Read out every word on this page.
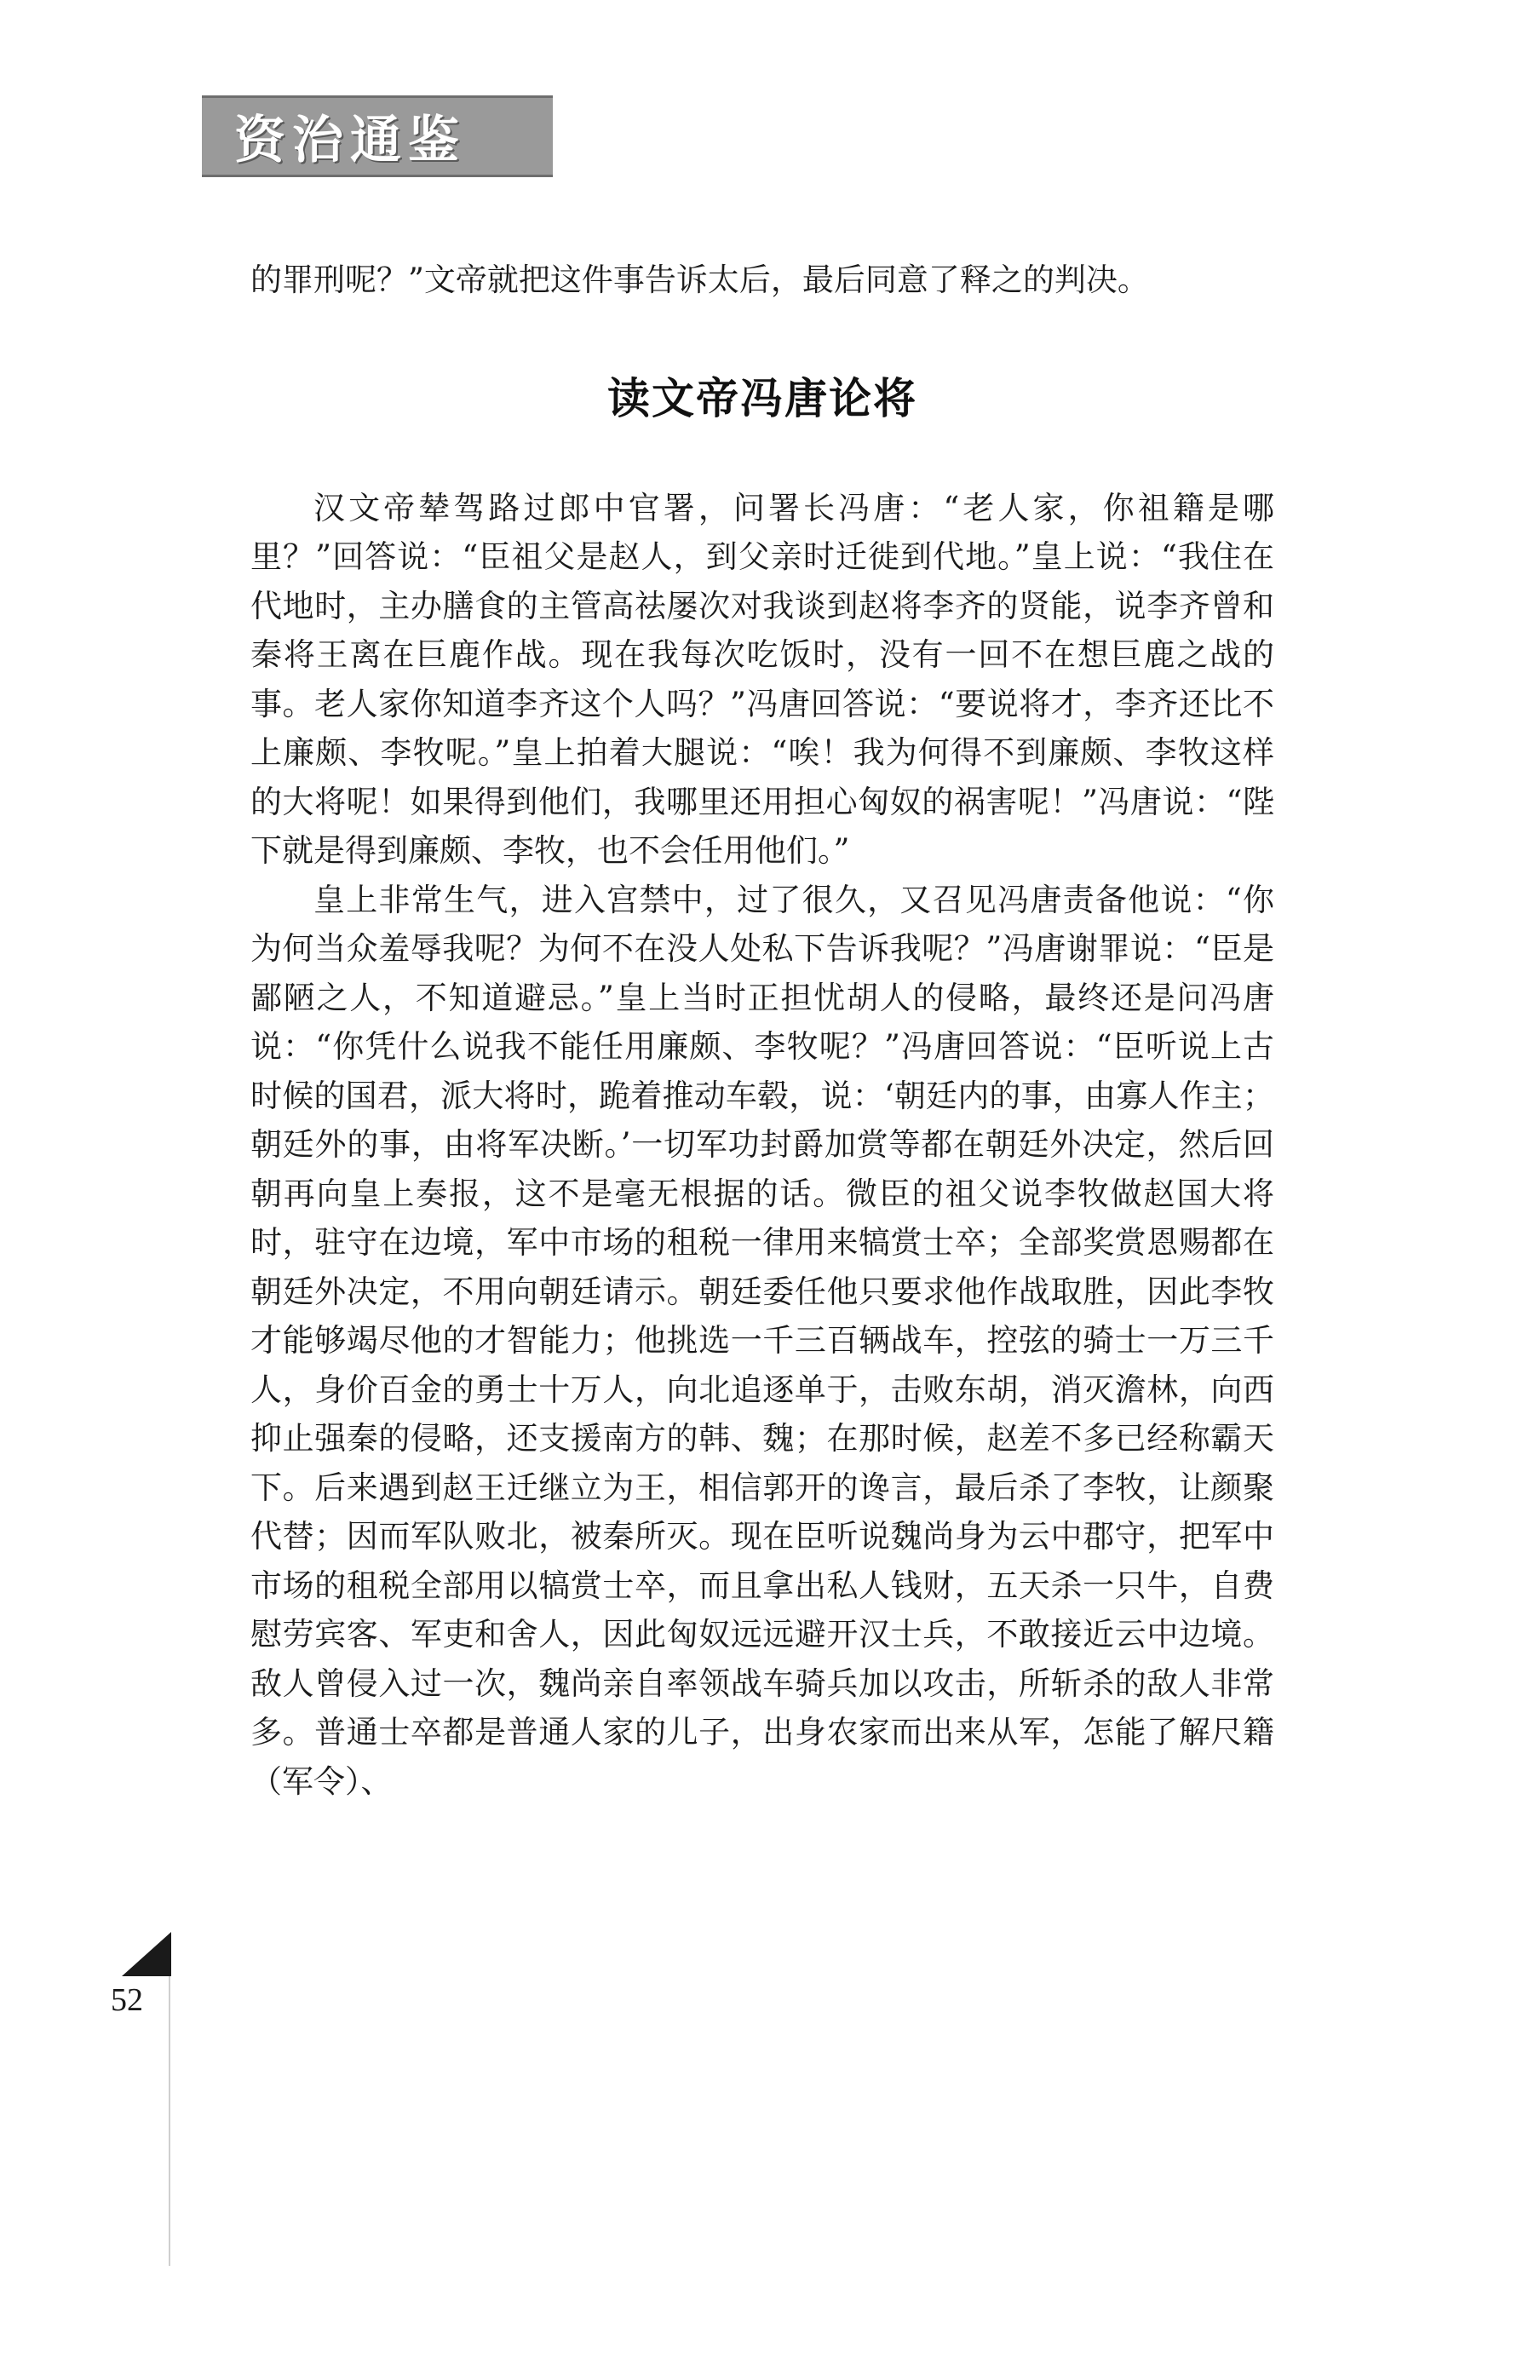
资治通鉴

的罪刑呢？”文帝就把这件事告诉太后，最后同意了释之的判决。

读文帝冯唐论将

汉文帝辇驾路过郎中官署，问署长冯唐：“老人家，你祖籍是哪里？”回答说：“臣祖父是赵人，到父亲时迁徙到代地。”皇上说：“我住在代地时，主办膳食的主管高祛屡次对我谈到赵将李齐的贤能，说李齐曾和秦将王离在巨鹿作战。现在我每次吃饭时，没有一回不在想巨鹿之战的事。老人家你知道李齐这个人吗？”冯唐回答说：“要说将才，李齐还比不上廉颇、李牧呢。”皇上拍着大腿说：“唉！我为何得不到廉颇、李牧这样的大将呢！如果得到他们，我哪里还用担心匈奴的祸害呢！”冯唐说：“陛下就是得到廉颇、李牧，也不会任用他们。”

皇上非常生气，进入宫禁中，过了很久，又召见冯唐责备他说：“你为何当众羞辱我呢？为何不在没人处私下告诉我呢？”冯唐谢罪说：“臣是鄙陋之人，不知道避忌。”皇上当时正担忧胡人的侵略，最终还是问冯唐说：“你凭什么说我不能任用廉颇、李牧呢？”冯唐回答说：“臣听说上古时候的国君，派大将时，跪着推动车毂，说：‘朝廷内的事，由寡人作主；朝廷外的事，由将军决断。’一切军功封爵加赏等都在朝廷外决定，然后回朝再向皇上奏报，这不是毫无根据的话。微臣的祖父说李牧做赵国大将时，驻守在边境，军中市场的租税一律用来犒赏士卒；全部奖赏恩赐都在朝廷外决定，不用向朝廷请示。朝廷委任他只要求他作战取胜，因此李牧才能够竭尽他的才智能力；他挑选一千三百辆战车，控弦的骑士一万三千人，身价百金的勇士十万人，向北追逐单于，击败东胡，消灭澹林，向西抑止强秦的侵略，还支援南方的韩、魏；在那时候，赵差不多已经称霸天下。后来遇到赵王迁继立为王，相信郭开的谗言，最后杀了李牧，让颜聚代替；因而军队败北，被秦所灭。现在臣听说魏尚身为云中郡守，把军中市场的租税全部用以犒赏士卒，而且拿出私人钱财，五天杀一只牛，自费慰劳宾客、军吏和舍人，因此匈奴远远避开汉士兵，不敢接近云中边境。敌人曾侵入过一次，魏尚亲自率领战车骑兵加以攻击，所斩杀的敌人非常多。普通士卒都是普通人家的儿子，出身农家而出来从军，怎能了解尺籍（军令）、

52
